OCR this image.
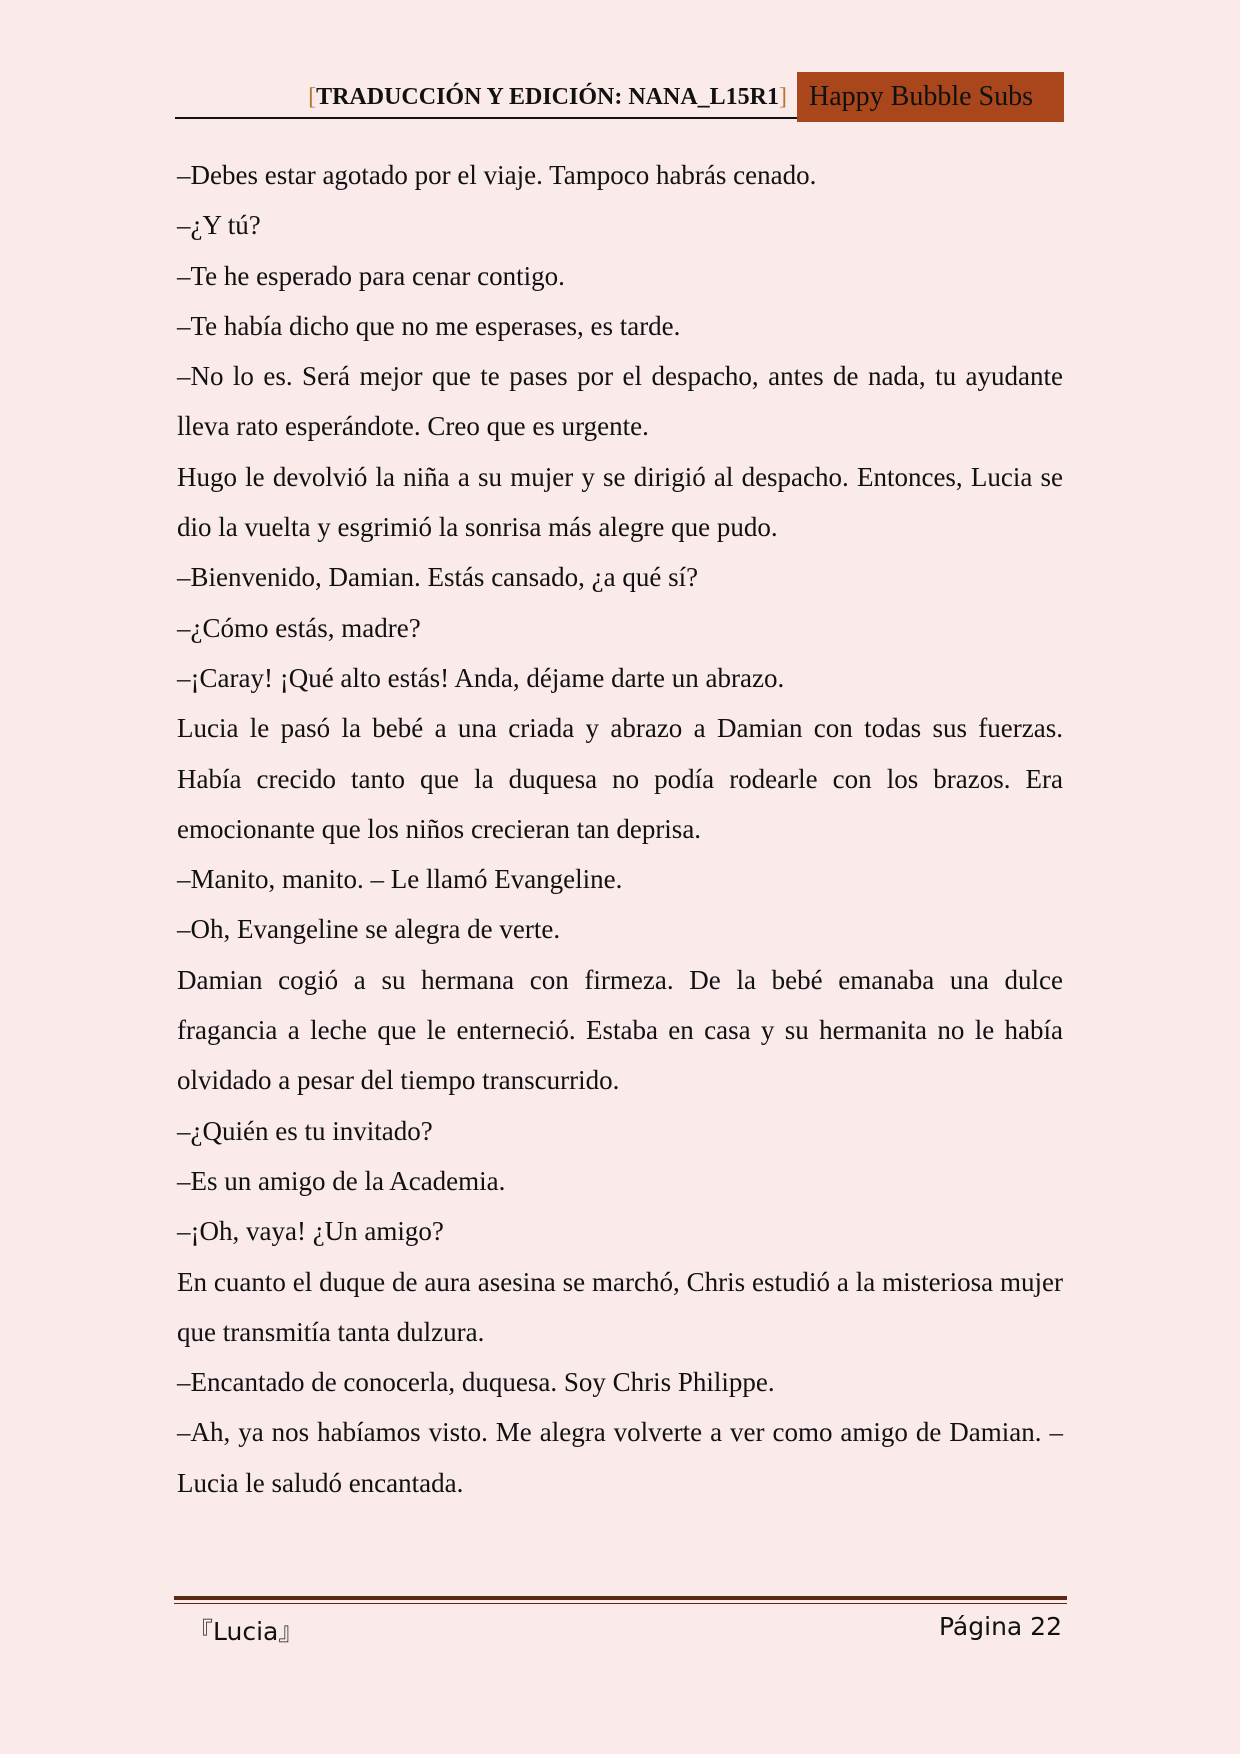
[TRADUCCIÓN Y EDICIÓN: NANA_L15R1] Happy Bubble Subs

–Debes estar agotado por el viaje. Tampoco habrás cenado.

–¿Y tú?

–Te he esperado para cenar contigo.

–Te había dicho que no me esperases, es tarde.

–No lo es. Será mejor que te pases por el despacho, antes de nada, tu ayudante lleva rato esperándote. Creo que es urgente.

Hugo le devolvió la niña a su mujer y se dirigió al despacho. Entonces, Lucia se dio la vuelta y esgrimió la sonrisa más alegre que pudo.

–Bienvenido, Damian. Estás cansado, ¿a qué sí?

–¿Cómo estás, madre?

–¡Caray! ¡Qué alto estás! Anda, déjame darte un abrazo.

Lucia le pasó la bebé a una criada y abrazo a Damian con todas sus fuerzas. Había crecido tanto que la duquesa no podía rodearle con los brazos. Era emocionante que los niños crecieran tan deprisa.

–Manito, manito. – Le llamó Evangeline.

–Oh, Evangeline se alegra de verte.

Damian cogió a su hermana con firmeza. De la bebé emanaba una dulce fragancia a leche que le enterneció. Estaba en casa y su hermanita no le había olvidado a pesar del tiempo transcurrido.

–¿Quién es tu invitado?

–Es un amigo de la Academia.

–¡Oh, vaya! ¿Un amigo?

En cuanto el duque de aura asesina se marchó, Chris estudió a la misteriosa mujer que transmitía tanta dulzura.

–Encantado de conocerla, duquesa. Soy Chris Philippe.

–Ah, ya nos habíamos visto. Me alegra volverte a ver como amigo de Damian. – Lucia le saludó encantada.

『Lucia』	Página 22
